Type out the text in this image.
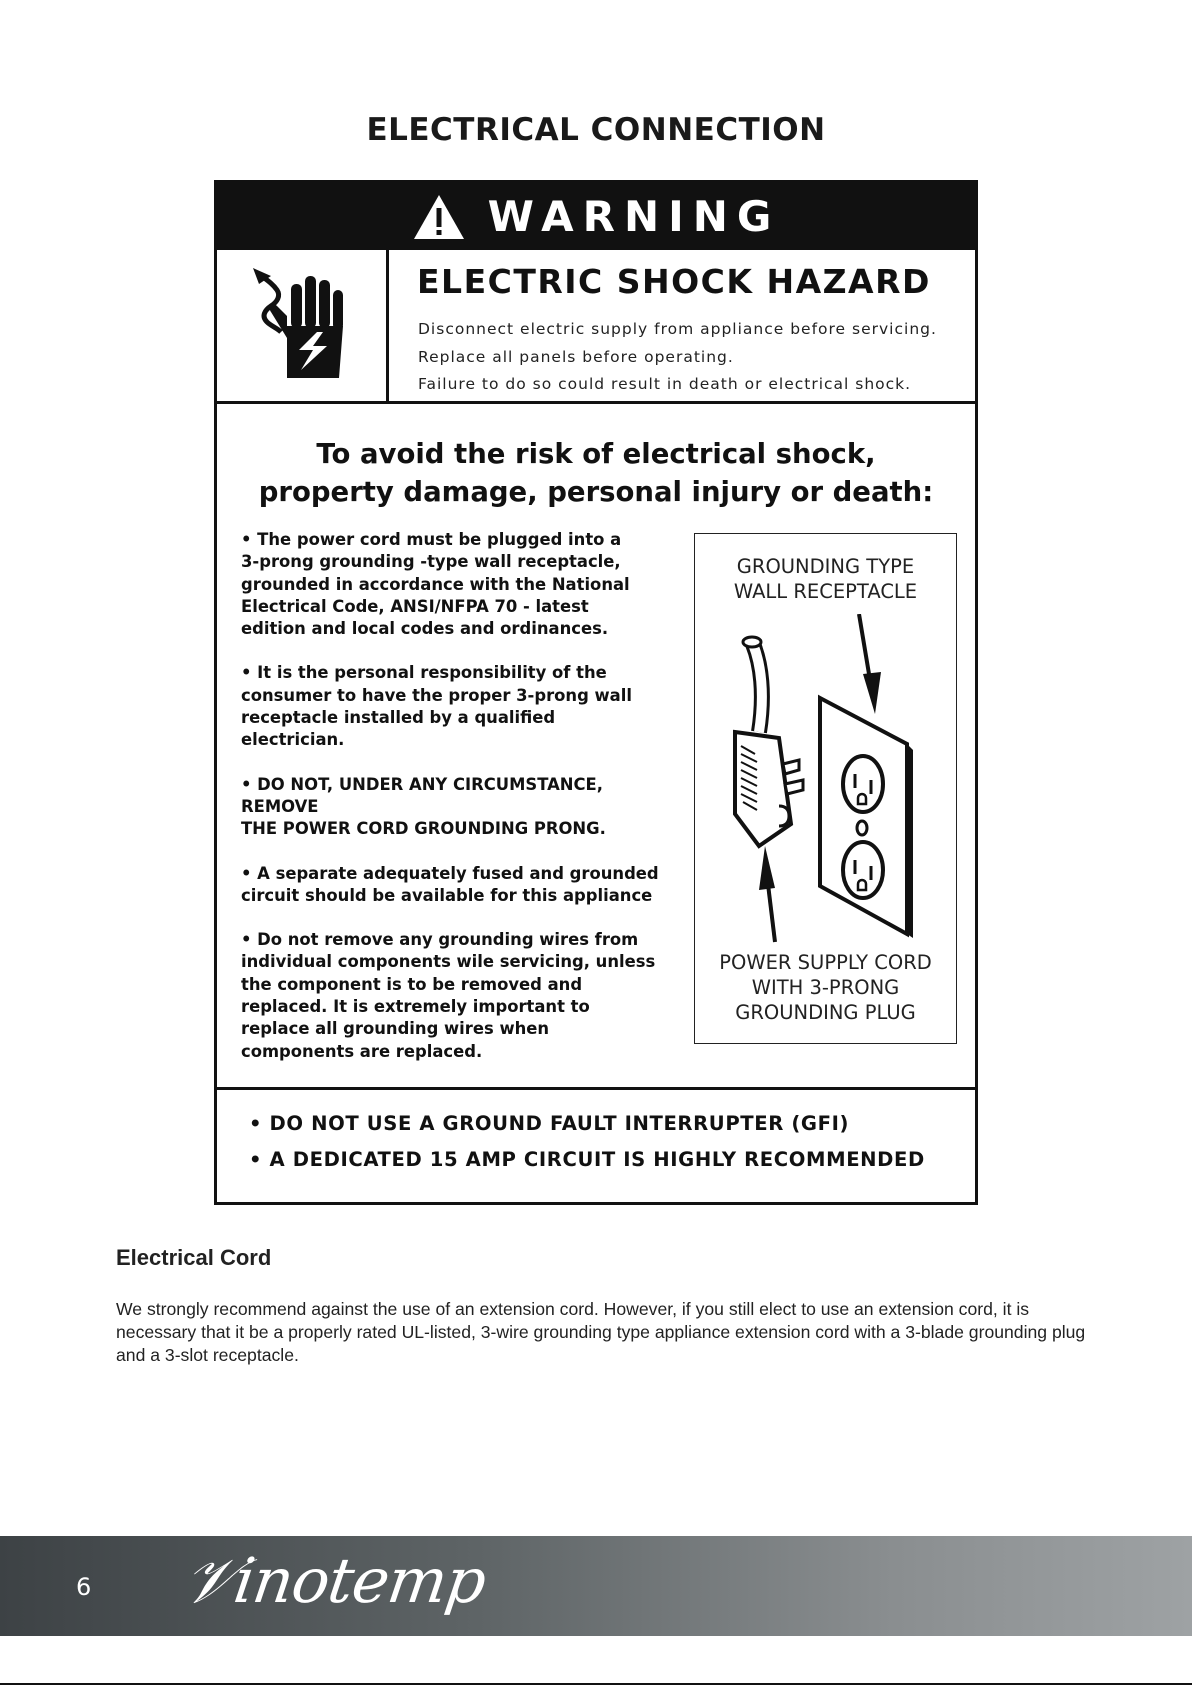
ELECTRICAL CONNECTION
WARNING
ELECTRIC SHOCK HAZARD
Disconnect electric supply from appliance before servicing.
Replace all panels before operating.
Failure to do so could result in death or electrical shock.
To avoid the risk of electrical shock,
property damage, personal injury or death:
• The power cord must be plugged into a
3-prong grounding -type wall receptacle,
grounded in accordance with the National
Electrical Code, ANSI/NFPA 70 - latest
edition and local codes and ordinances.
• It is the personal responsibility of the
consumer to have the proper 3-prong wall
receptacle installed by a qualified
electrician.
• DO NOT, UNDER ANY CIRCUMSTANCE, REMOVE
THE POWER CORD GROUNDING PRONG.
• A separate adequately fused and grounded
circuit should be available for this appliance
• Do not remove any grounding wires from
individual components wile servicing, unless
the component is to be removed and
replaced. It is extremely important to
replace all grounding wires when
components are replaced.
GROUNDING TYPE
WALL RECEPTACLE
POWER SUPPLY CORD
WITH 3-PRONG
GROUNDING PLUG
• DO NOT USE A GROUND FAULT INTERRUPTER (GFI)
• A DEDICATED 15 AMP CIRCUIT IS HIGHLY RECOMMENDED
Electrical Cord
We strongly recommend against the use of an extension cord. However, if you still elect to use an extension cord, it is necessary that it be a properly rated UL-listed, 3-wire grounding type appliance extension cord with a 3-blade grounding plug and a 3-slot receptacle.
6 𝒱inotemp
